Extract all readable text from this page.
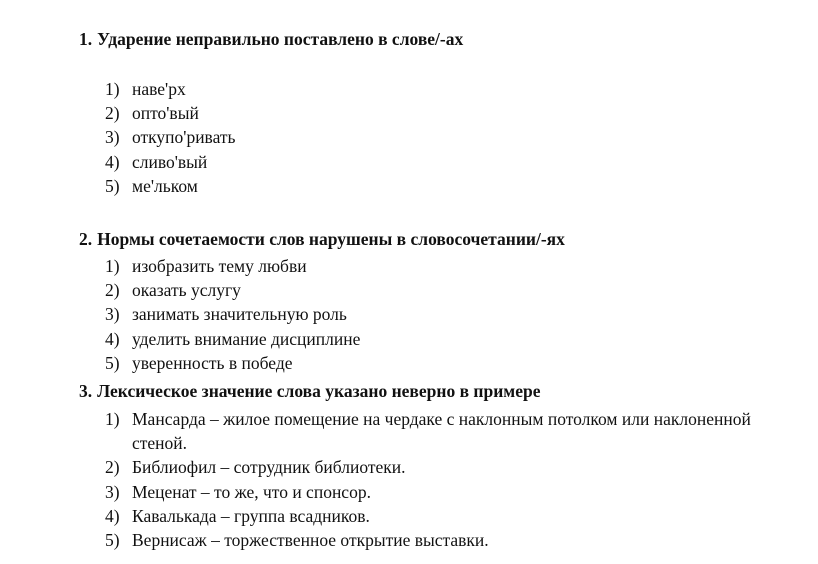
1. Ударение неправильно поставлено в слове/-ах
1) наве'рх
2) опто'вый
3) откупо'ривать
4) сливо'вый
5) ме'льком
2. Нормы сочетаемости слов нарушены в словосочетании/-ях
1) изобразить тему любви
2) оказать услугу
3) занимать значительную роль
4) уделить внимание дисциплине
5) уверенность в победе
3. Лексическое значение слова указано неверно в примере
1) Мансарда – жилое помещение на чердаке с наклонным потолком или наклоненной стеной.
2) Библиофил – сотрудник библиотеки.
3) Меценат – то же, что и спонсор.
4) Кавалькада – группа всадников.
5) Вернисаж – торжественное открытие выставки.
